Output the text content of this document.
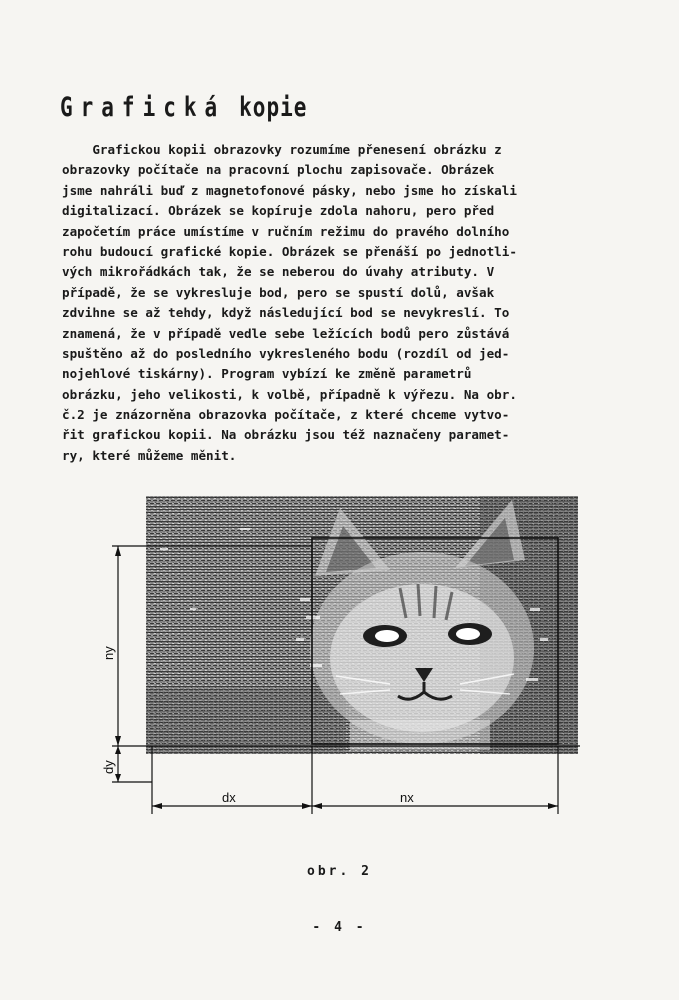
Grafická kopie
Grafickou kopii obrazovky rozumíme přenesení obrázku z
obrazovky počítače na pracovní plochu zapisovače. Obrázek
jsme nahráli buď z magnetofonové pásky, nebo jsme ho získali
digitalizací. Obrázek se kopíruje zdola nahoru, pero před
započetím práce umístíme v ručním režimu do pravého dolního
rohu budoucí grafické kopie. Obrázek se přenáší po jednotli-
vých mikrořádkách tak, že se neberou do úvahy atributy. V
případě, že se vykresluje bod, pero se spustí dolů, avšak
zdvihne se až tehdy, když následující bod se nevykreslí. To
znamená, že v případě vedle sebe ležících bodů pero zůstává
spuštěno až do posledního vykresleného bodu (rozdíl od jed-
nojehlové tiskárny). Program vybízí ke změně parametrů
obrázku, jeho velikosti, k volbě, případně k výřezu. Na obr.
č.2 je znázorněna obrazovka počítače, z které chceme vytvo-
řit grafickou kopii. Na obrázku jsou též naznačeny paramet-
ry, které můžeme měnit.
ny
dy
dx	nx
obr. 2
- 4 -
